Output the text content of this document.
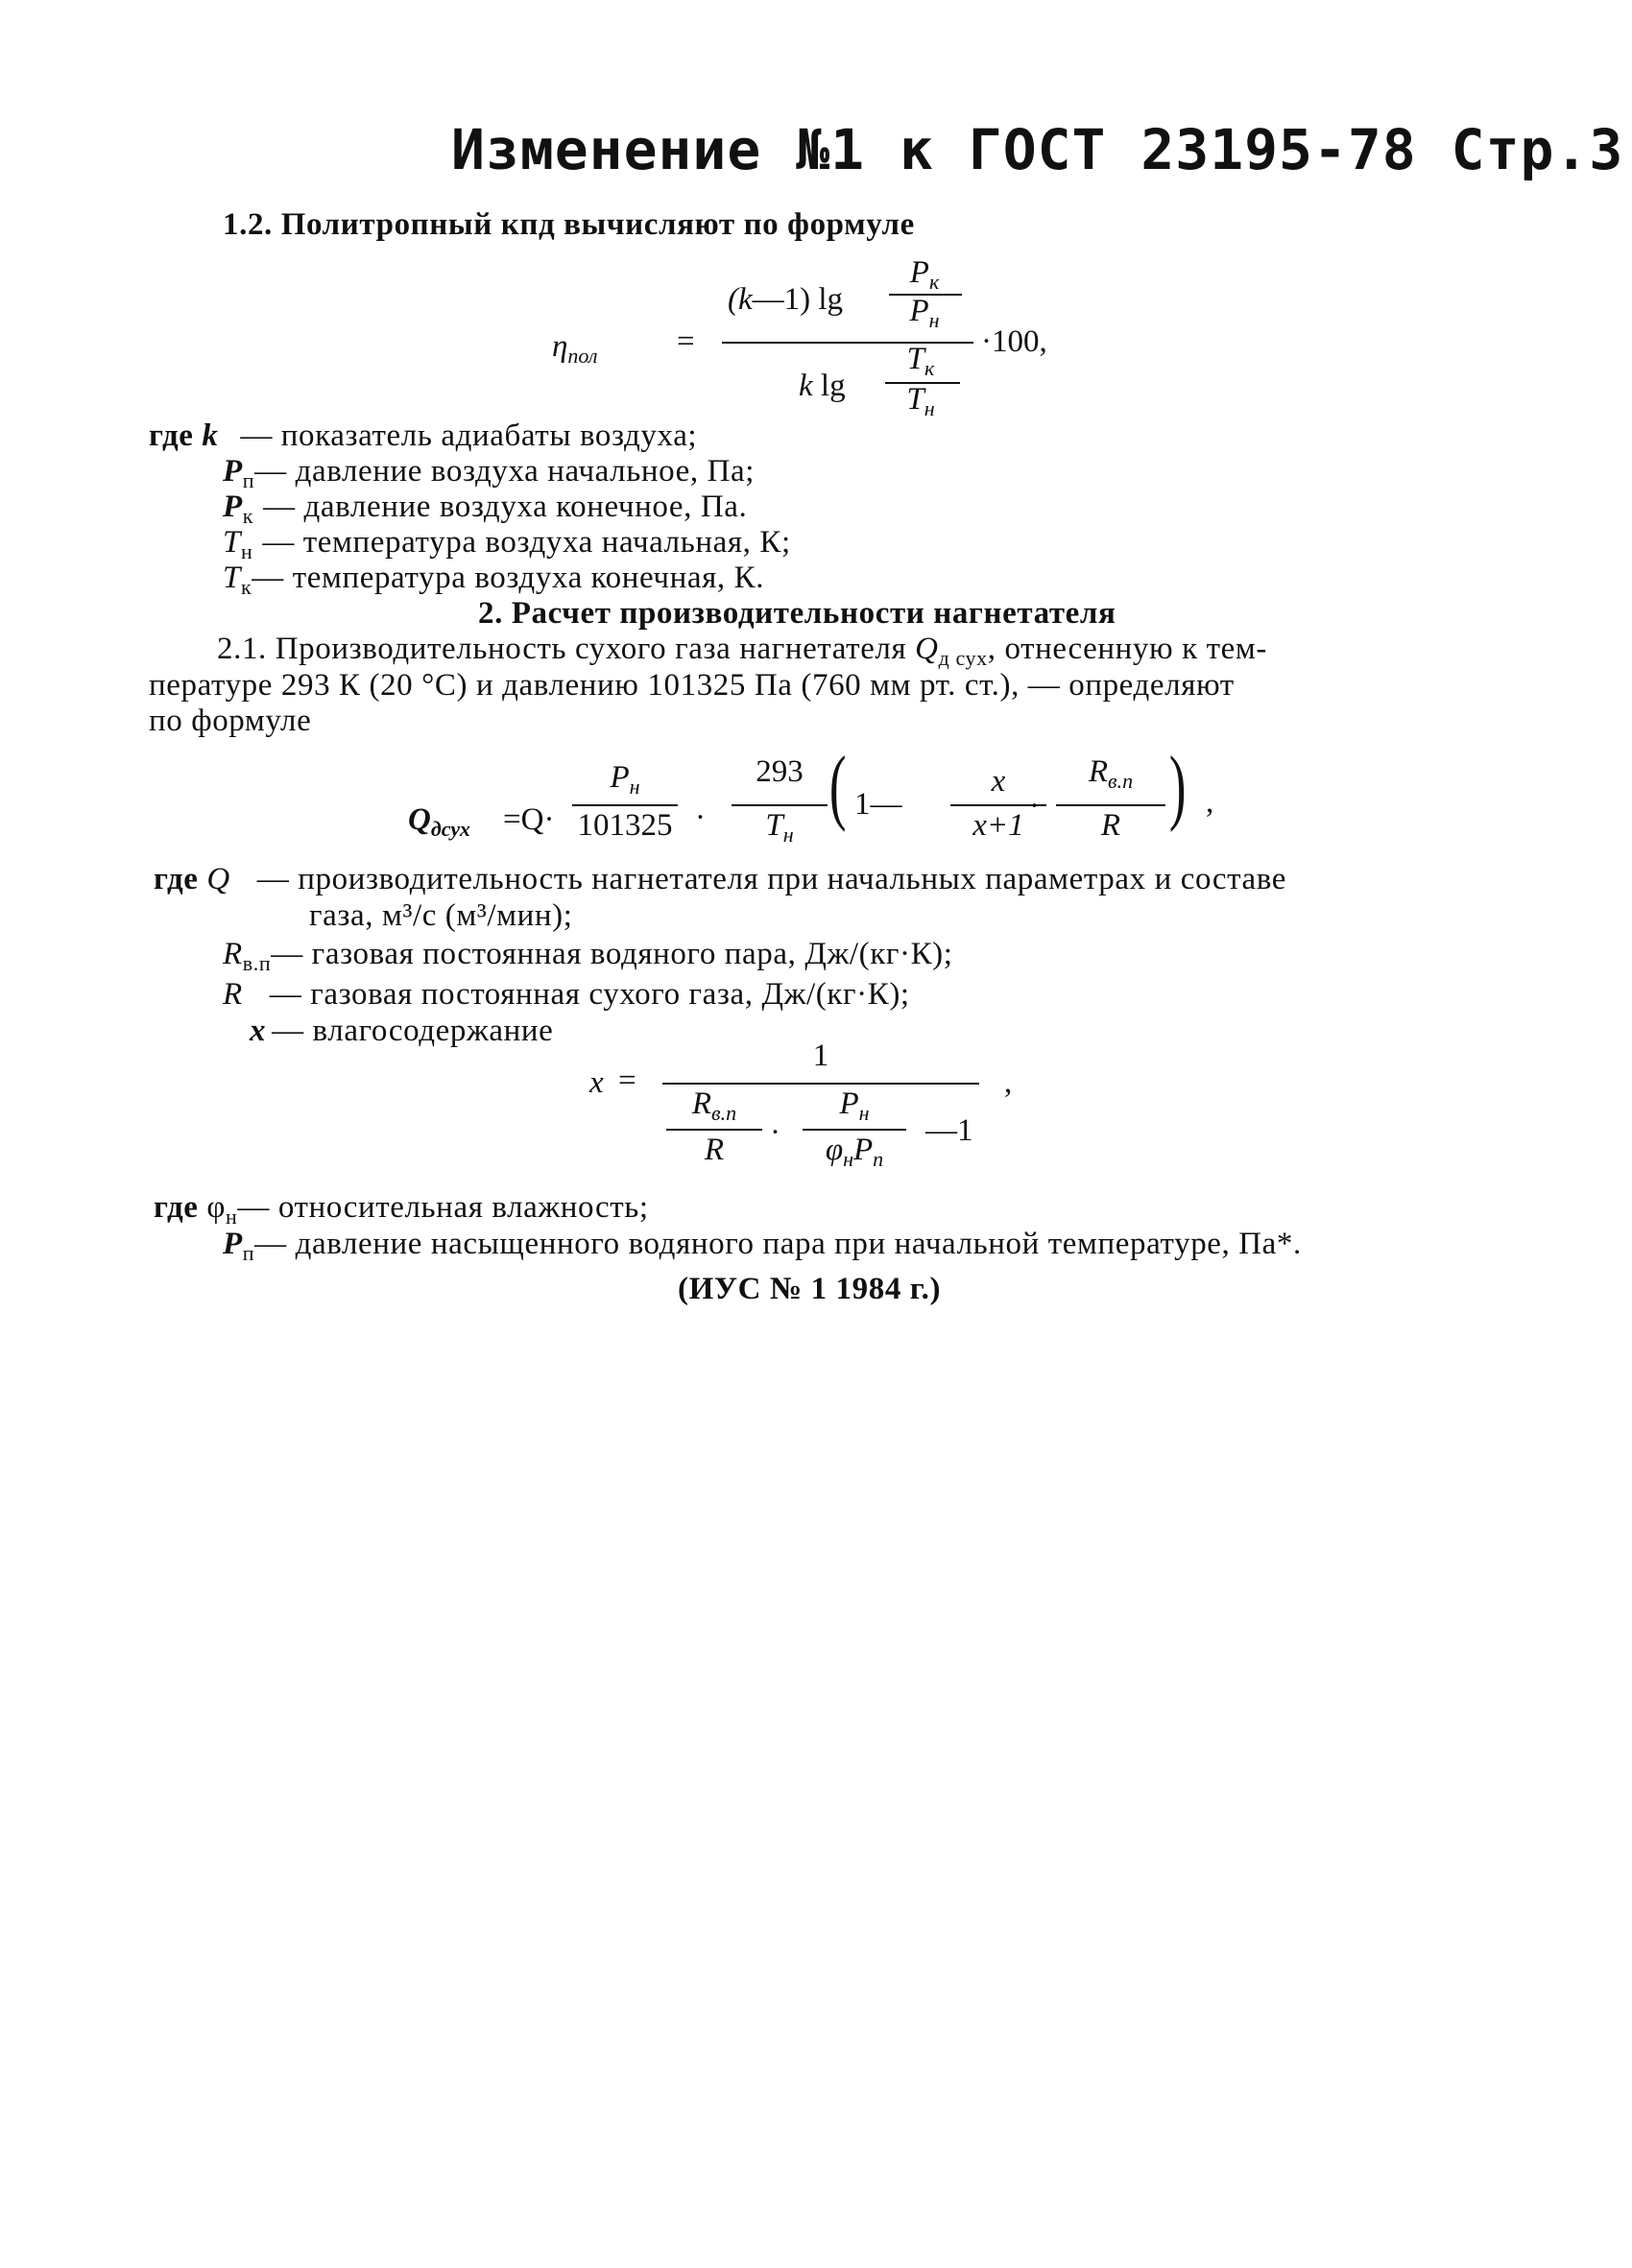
Изменение №1 к ГОСТ 23195-78 Стр.3
1.2. Политропный кпд вычисляют по формуле
$\eta_{пол}$	=
(k—1) lg
$P_к$
$P_н$
k lg
$T_к$
$T_н$
·100,
где k — показатель адиабаты воздуха;
$P_п—$ давление воздуха начальное, Па;
$P_к$ — давление воздуха конечное, Па.
$T_н$ — температура воздуха начальная, К;
$T_к—$ температура воздуха конечная, К.
2. Расчет производительности нагнетателя
2.1. Производительность сухого газа нагнетателя $Q_{д сух}$, отнесенную к тем-
пературе 293 К (20 °С) и давлению 101325 Па (760 мм рт. ст.), — определяют
по формуле
$Q_{дсух} =Q\cdot$
$P_н$
101325 ·
293
$T_н$
( 1—
x
x+1
·
$R_{в.п}$
R ) ,
где Q — производительность нагнетателя при начальных параметрах и составе
газа, м³/с (м³/мин);
$R_{в.п}—$ газовая постоянная водяного пара, Дж/(кг·К);
R — газовая постоянная сухого газа, Дж/(кг·К);
x — влагосодержание
x =
1
$R_{в.п}$
R	·
$P_н$
$\varphi_нP_п$
—1
,
где $\varphi_н—$ относительная влажность;
$P_п—$ давление насыщенного водяного пара при начальной температуре, Па*.
(ИУС № 1 1984 г.)
